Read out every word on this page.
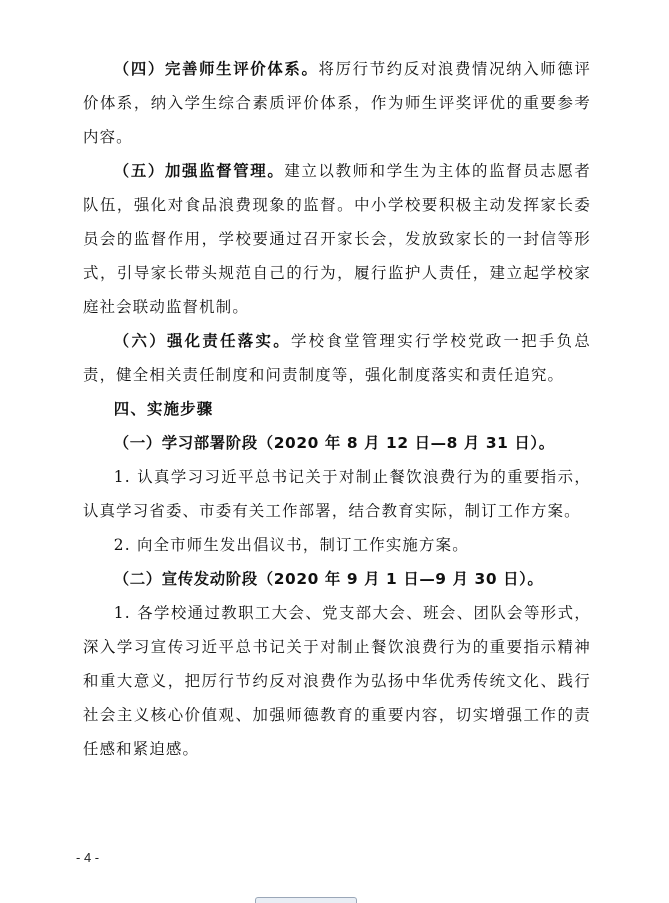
（四）完善师生评价体系。将厉行节约反对浪费情况纳入师德评价体系，纳入学生综合素质评价体系，作为师生评奖评优的重要参考内容。

（五）加强监督管理。建立以教师和学生为主体的监督员志愿者队伍，强化对食品浪费现象的监督。中小学校要积极主动发挥家长委员会的监督作用，学校要通过召开家长会，发放致家长的一封信等形式，引导家长带头规范自己的行为，履行监护人责任，建立起学校家庭社会联动监督机制。

（六）强化责任落实。学校食堂管理实行学校党政一把手负总责，健全相关责任制度和问责制度等，强化制度落实和责任追究。

四、实施步骤

（一）学习部署阶段（2020 年 8 月 12 日—8 月 31 日）。

1. 认真学习习近平总书记关于对制止餐饮浪费行为的重要指示，认真学习省委、市委有关工作部署，结合教育实际，制订工作方案。

2. 向全市师生发出倡议书，制订工作实施方案。

（二）宣传发动阶段（2020 年 9 月 1 日—9 月 30 日）。

1. 各学校通过教职工大会、党支部大会、班会、团队会等形式，深入学习宣传习近平总书记关于对制止餐饮浪费行为的重要指示精神和重大意义，把厉行节约反对浪费作为弘扬中华优秀传统文化、践行社会主义核心价值观、加强师德教育的重要内容，切实增强工作的责任感和紧迫感。

- 4 -
